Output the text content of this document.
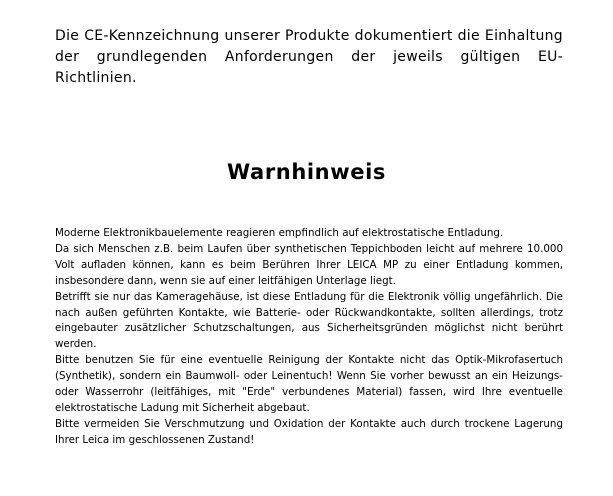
Die CE-Kennzeichnung unserer Produkte dokumentiert die Einhaltung der grundlegenden Anforderungen der jeweils gültigen EU-Richtlinien.

Warnhinweis

Moderne Elektronikbauelemente reagieren empfindlich auf elektrostatische Entladung.

Da sich Menschen z.B. beim Laufen über synthetischen Teppichboden leicht auf mehrere 10.000 Volt aufladen können, kann es beim Berühren Ihrer LEICA MP zu einer Entladung kommen, insbesondere dann, wenn sie auf einer leitfähigen Unterlage liegt.

Betrifft sie nur das Kameragehäuse, ist diese Entladung für die Elektronik völlig ungefährlich. Die nach außen geführten Kontakte, wie Batterie- oder Rückwandkontakte, sollten allerdings, trotz eingebauter zusätzlicher Schutzschaltungen, aus Sicherheitsgründen möglichst nicht berührt werden.

Bitte benutzen Sie für eine eventuelle Reinigung der Kontakte nicht das Optik-Mikrofasertuch (Synthetik), sondern ein Baumwoll- oder Leinentuch! Wenn Sie vorher bewusst an ein Heizungs- oder Wasserrohr (leitfähiges, mit "Erde" verbundenes Material) fassen, wird Ihre eventuelle elektrostatische Ladung mit Sicherheit abgebaut.

Bitte vermeiden Sie Verschmutzung und Oxidation der Kontakte auch durch trockene Lagerung Ihrer Leica im geschlossenen Zustand!
